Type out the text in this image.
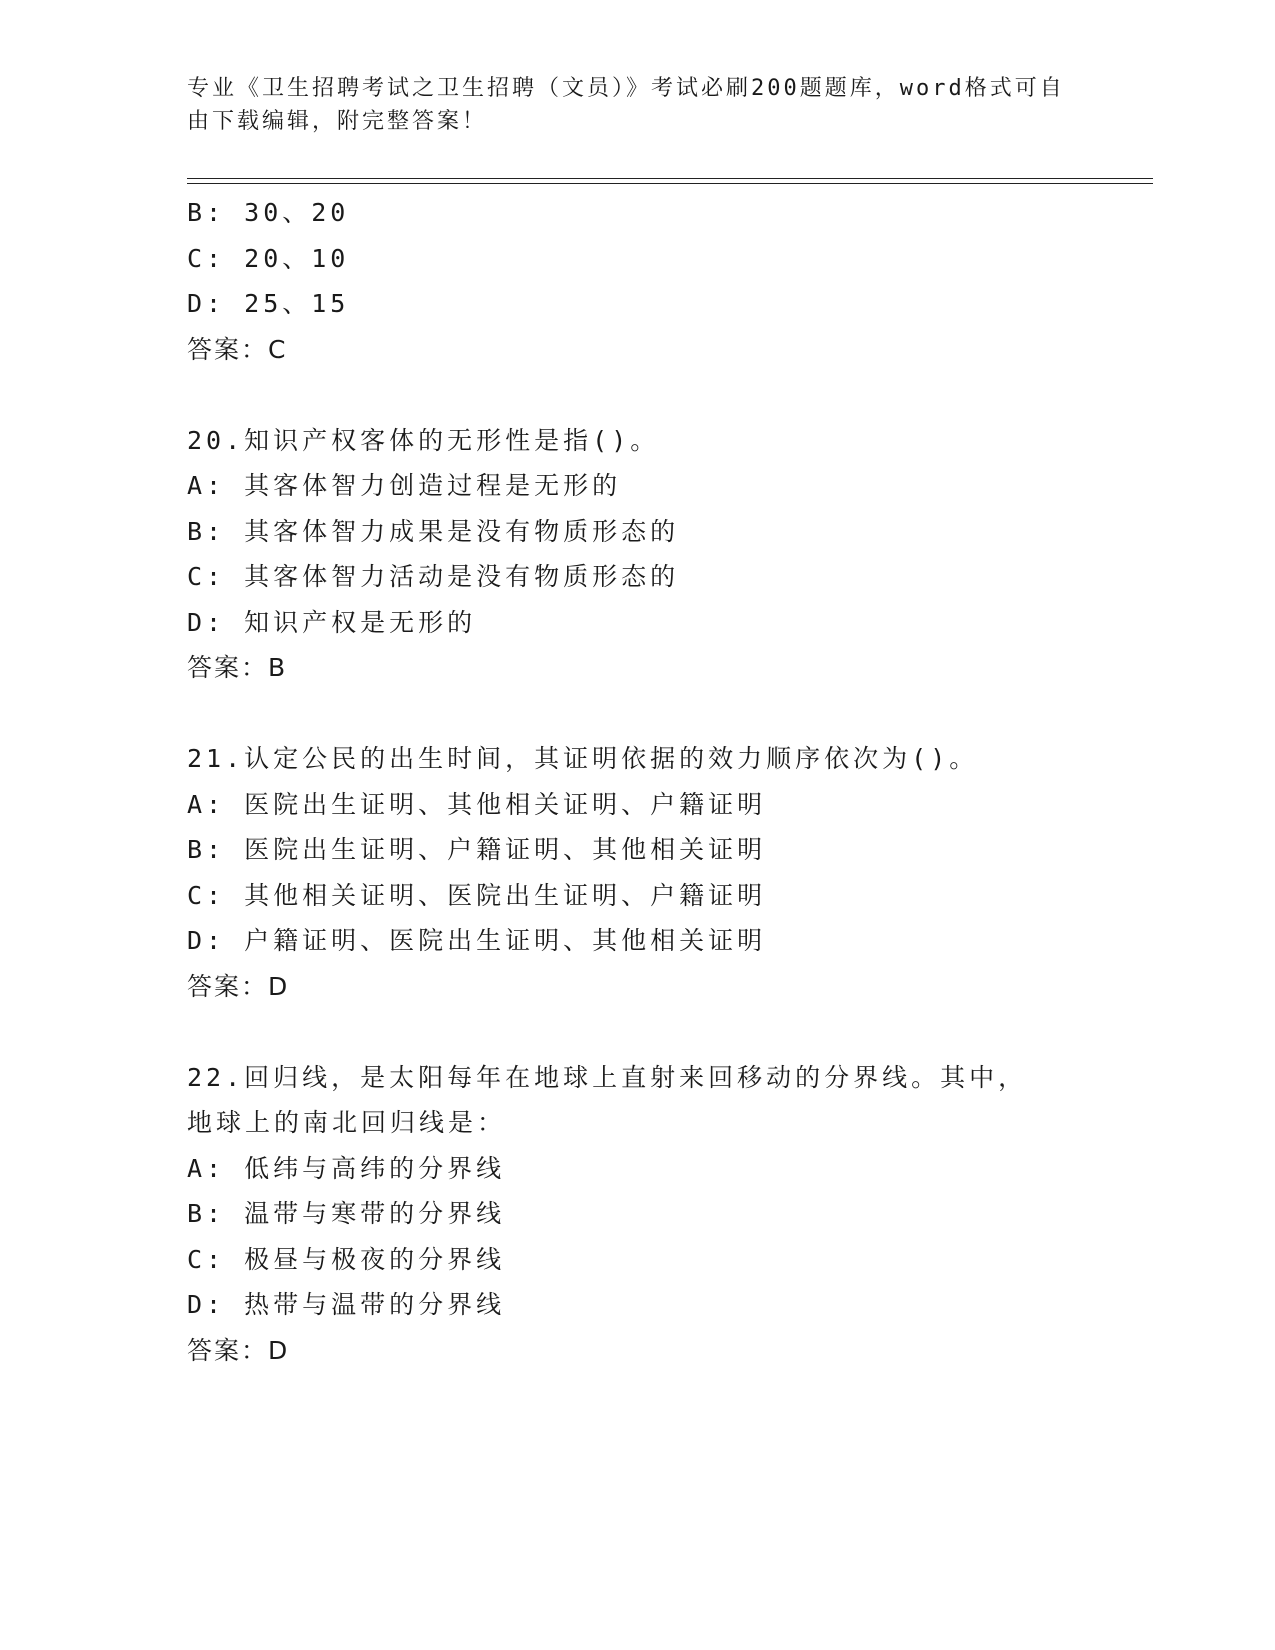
专业《卫生招聘考试之卫生招聘（文员）》考试必刷200题题库，word格式可自由下载编辑，附完整答案！
B: 30、20
C: 20、10
D: 25、15
答案：C
20.知识产权客体的无形性是指()。
A: 其客体智力创造过程是无形的
B: 其客体智力成果是没有物质形态的
C: 其客体智力活动是没有物质形态的
D: 知识产权是无形的
答案：B
21.认定公民的出生时间，其证明依据的效力顺序依次为()。
A: 医院出生证明、其他相关证明、户籍证明
B: 医院出生证明、户籍证明、其他相关证明
C: 其他相关证明、医院出生证明、户籍证明
D: 户籍证明、医院出生证明、其他相关证明
答案：D
22.回归线，是太阳每年在地球上直射来回移动的分界线。其中，地球上的南北回归线是：
A: 低纬与高纬的分界线
B: 温带与寒带的分界线
C: 极昼与极夜的分界线
D: 热带与温带的分界线
答案：D
